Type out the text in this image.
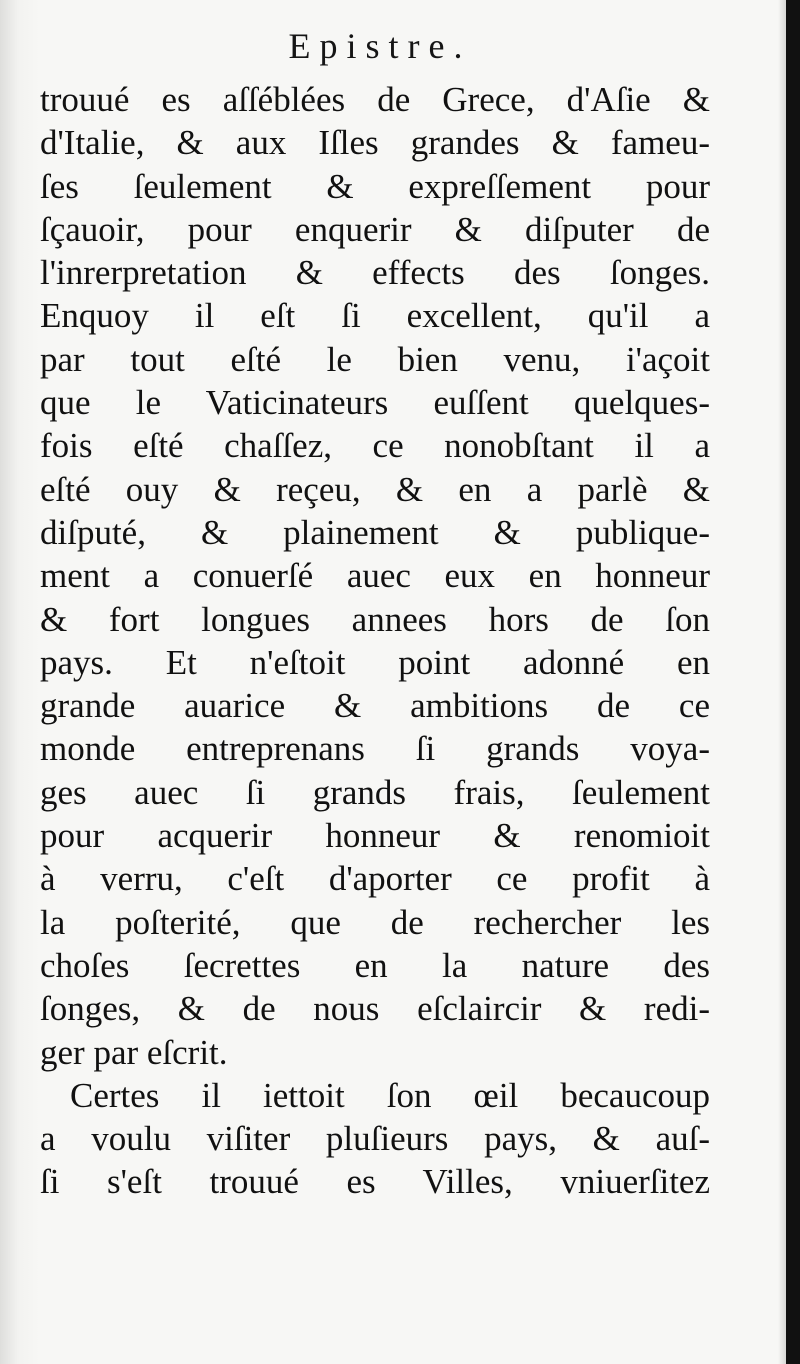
Epistre.
trouué es aſſéblées de Grece, d'Aſie &
d'Italie, & aux Iſles grandes & fameu-
ſes ſeulement & expreſſement pour
ſçauoir, pour enquerir & diſputer de
l'inrerpretation & effects des ſonges.
Enquoy il eſt ſi excellent, qu'il a
par tout eſté le bien venu, i'açoit
que le Vaticinateurs euſſent quelques-
fois eſté chaſſez, ce nonobſtant il a
eſté ouy & reçeu, & en a parlè &
diſputé, & plainement & publique-
ment a conuerſé auec eux en honneur
& fort longues annees hors de ſon
pays. Et n'eſtoit point adonné en
grande auarice & ambitions de ce
monde entreprenans ſi grands voya-
ges auec ſi grands frais, ſeulement
pour acquerir honneur & renomioit
à verru, c'eſt d'aporter ce profit à
la poſterité, que de rechercher les
choſes ſecrettes en la nature des
ſonges, & de nous eſclaircir & redi-
ger par eſcrit.
Certes il iettoit ſon œil becaucoup
a voulu viſiter pluſieurs pays, & auſ-
ſi s'eſt trouué es Villes, vniuerſitez
